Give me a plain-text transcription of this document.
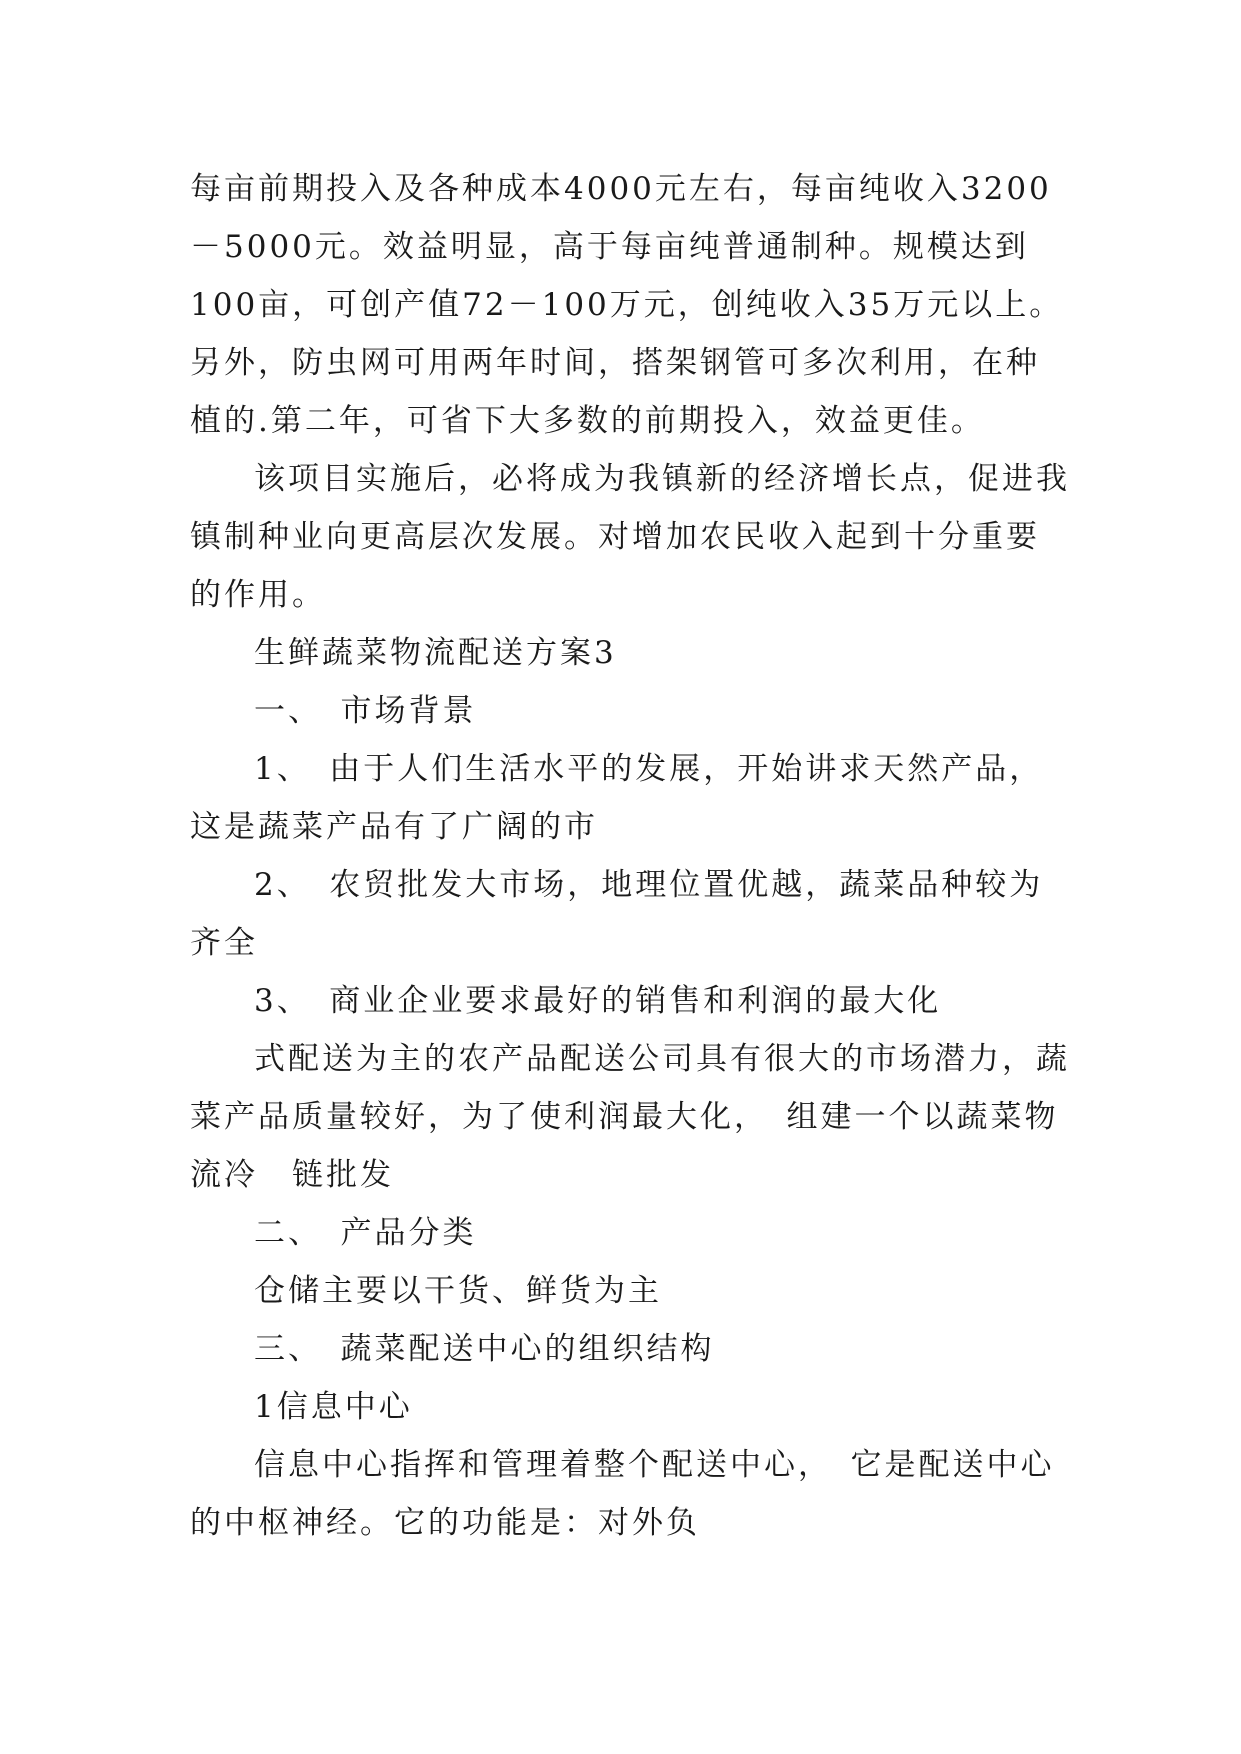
每亩前期投入及各种成本4000元左右，每亩纯收入3200－5000元。效益明显，高于每亩纯普通制种。规模达到100亩，可创产值72－100万元，创纯收入35万元以上。另外，防虫网可用两年时间，搭架钢管可多次利用，在种植的.第二年，可省下大多数的前期投入，效益更佳。

该项目实施后，必将成为我镇新的经济增长点，促进我镇制种业向更高层次发展。对增加农民收入起到十分重要的作用。

生鲜蔬菜物流配送方案3

一、　市场背景

1、　由于人们生活水平的发展，开始讲求天然产品，这是蔬菜产品有了广阔的市

2、　农贸批发大市场，地理位置优越，蔬菜品种较为齐全

3、　商业企业要求最好的销售和利润的最大化

式配送为主的农产品配送公司具有很大的市场潜力，蔬菜产品质量较好，为了使利润最大化，　组建一个以蔬菜物流冷　链批发

二、　产品分类

仓储主要以干货、鲜货为主

三、　蔬菜配送中心的组织结构

1信息中心

信息中心指挥和管理着整个配送中心，　它是配送中心的中枢神经。它的功能是：对外负
